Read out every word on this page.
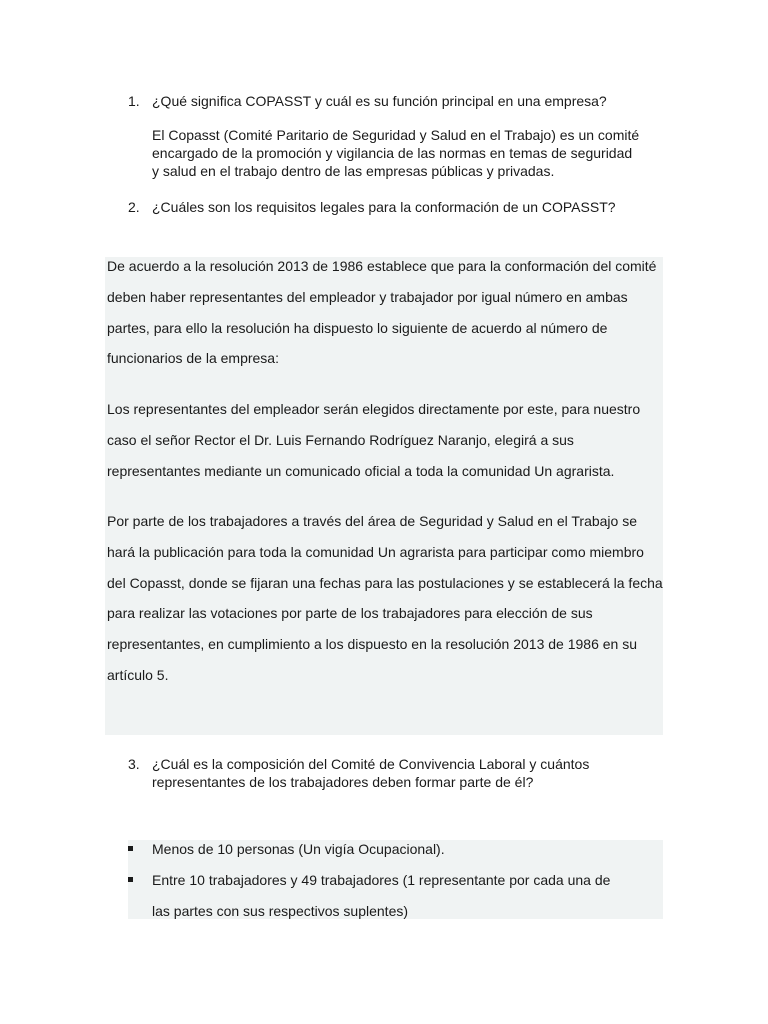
1. ¿Qué significa COPASST y cuál es su función principal en una empresa?
El Copasst (Comité Paritario de Seguridad y Salud en el Trabajo) es un comité encargado de la promoción y vigilancia de las normas en temas de seguridad y salud en el trabajo dentro de las empresas públicas y privadas.
2. ¿Cuáles son los requisitos legales para la conformación de un COPASST?

De acuerdo a la resolución 2013 de 1986 establece que para la conformación del comité deben haber representantes del empleador y trabajador por igual número en ambas partes, para ello la resolución ha dispuesto lo siguiente de acuerdo al número de funcionarios de la empresa:

Los representantes del empleador serán elegidos directamente por este, para nuestro caso el señor Rector el Dr. Luis Fernando Rodríguez Naranjo, elegirá a sus representantes mediante un comunicado oficial a toda la comunidad Un agrarista.

Por parte de los trabajadores a través del área de Seguridad y Salud en el Trabajo se hará la publicación para toda la comunidad Un agrarista para participar como miembro del Copasst, donde se fijaran una fechas para las postulaciones y se establecerá la fecha para realizar las votaciones por parte de los trabajadores para elección de sus representantes, en cumplimiento a los dispuesto en la resolución 2013 de 1986 en su artículo 5.

3. ¿Cuál es la composición del Comité de Convivencia Laboral y cuántos representantes de los trabajadores deben formar parte de él?
Menos de 10 personas (Un vigía Ocupacional).
Entre 10 trabajadores y 49 trabajadores (1 representante por cada una de las partes con sus respectivos suplentes)
